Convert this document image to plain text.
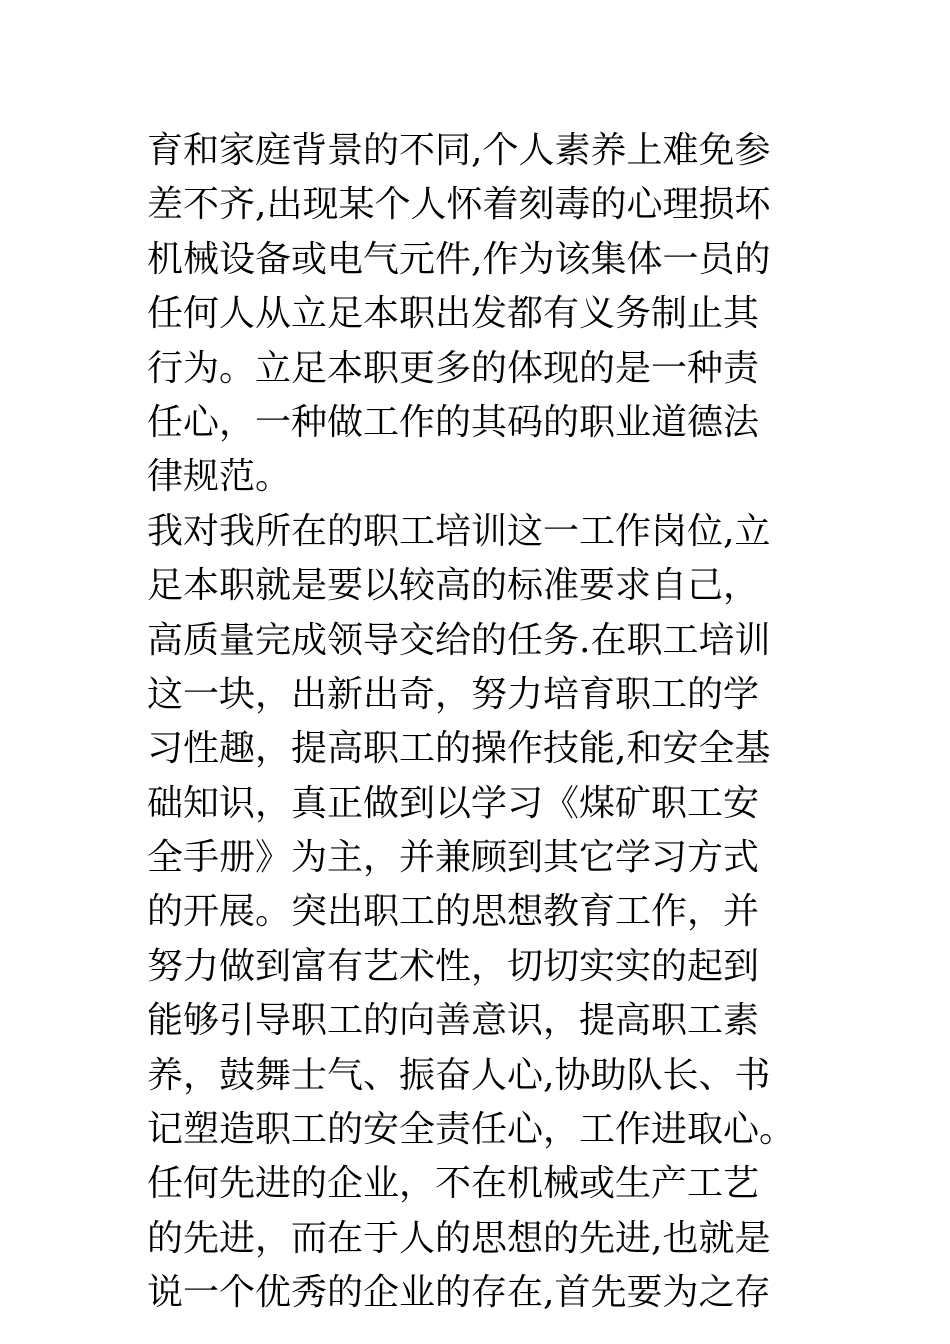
育和家庭背景的不同,个人素养上难免参
差不齐,出现某个人怀着刻毒的心理损坏
机械设备或电气元件,作为该集体一员的
任何人从立足本职出发都有义务制止其
行为。立足本职更多的体现的是一种责
任心，一种做工作的其码的职业道德法
律规范。
我对我所在的职工培训这一工作岗位,立
足本职就是要以较高的标准要求自己，
高质量完成领导交给的任务.在职工培训
这一块，出新出奇，努力培育职工的学
习性趣，提高职工的操作技能,和安全基
础知识，真正做到以学习《煤矿职工安
全手册》为主，并兼顾到其它学习方式
的开展。突出职工的思想教育工作，并
努力做到富有艺术性，切切实实的起到
能够引导职工的向善意识，提高职工素
养，鼓舞士气、振奋人心,协助队长、书
记塑造职工的安全责任心，工作进取心。
任何先进的企业，不在机械或生产工艺
的先进，而在于人的思想的先进,也就是
说一个优秀的企业的存在,首先要为之存
